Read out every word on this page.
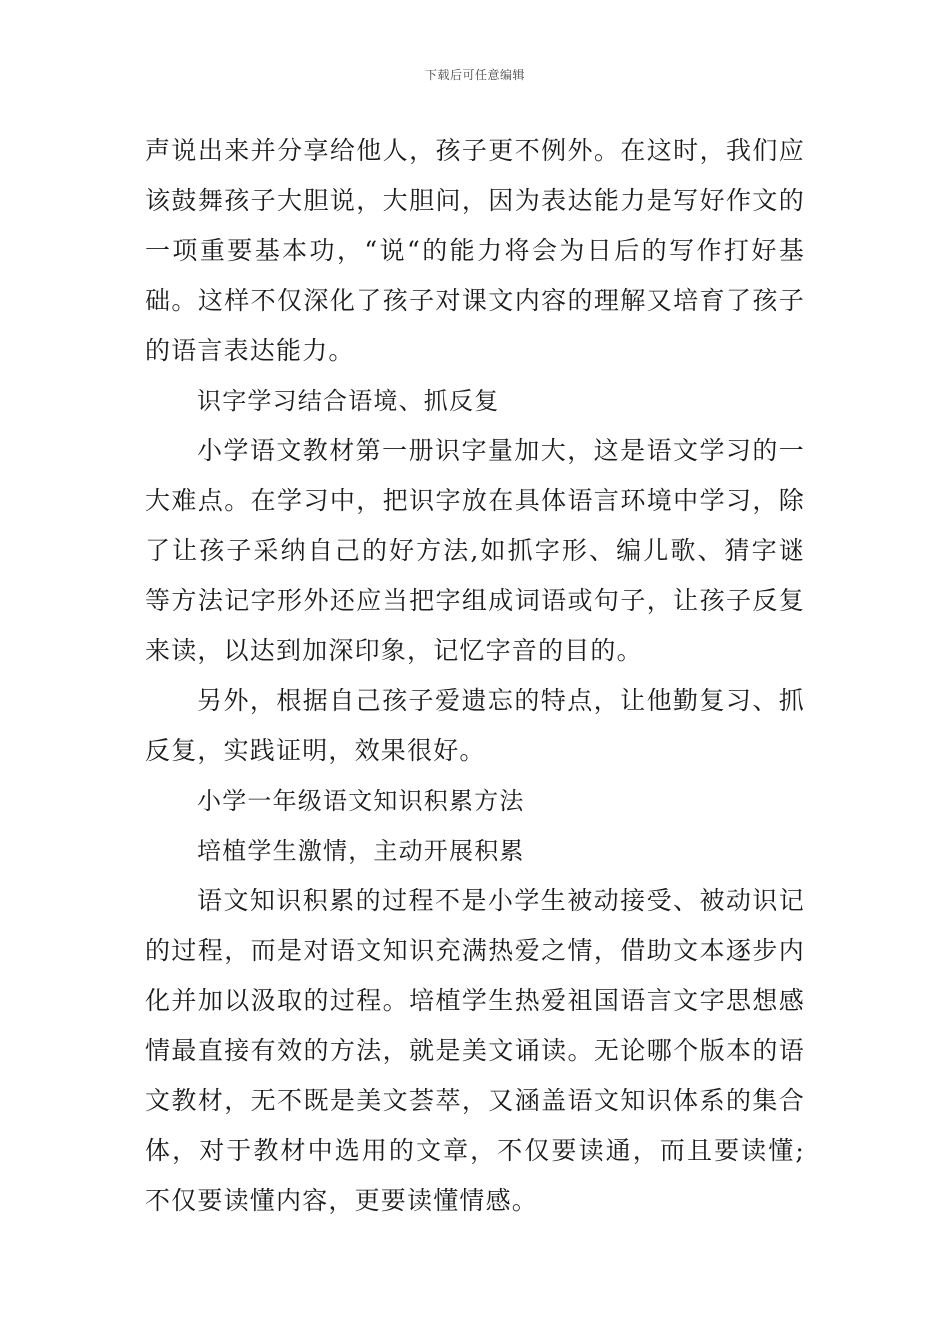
下载后可任意编辑

声说出来并分享给他人，孩子更不例外。在这时，我们应该鼓舞孩子大胆说，大胆问，因为表达能力是写好作文的一项重要基本功，“说“的能力将会为日后的写作打好基础。这样不仅深化了孩子对课文内容的理解又培育了孩子的语言表达能力。

识字学习结合语境、抓反复

小学语文教材第一册识字量加大，这是语文学习的一大难点。在学习中，把识字放在具体语言环境中学习，除了让孩子采纳自己的好方法,如抓字形、编儿歌、猜字谜等方法记字形外还应当把字组成词语或句子，让孩子反复来读，以达到加深印象，记忆字音的目的。

另外，根据自己孩子爱遗忘的特点，让他勤复习、抓反复，实践证明，效果很好。

小学一年级语文知识积累方法

培植学生激情，主动开展积累

语文知识积累的过程不是小学生被动接受、被动识记的过程，而是对语文知识充满热爱之情，借助文本逐步内化并加以汲取的过程。培植学生热爱祖国语言文字思想感情最直接有效的方法，就是美文诵读。无论哪个版本的语文教材，无不既是美文荟萃，又涵盖语文知识体系的集合体，对于教材中选用的文章，不仅要读通，而且要读懂;不仅要读懂内容，更要读懂情感。
